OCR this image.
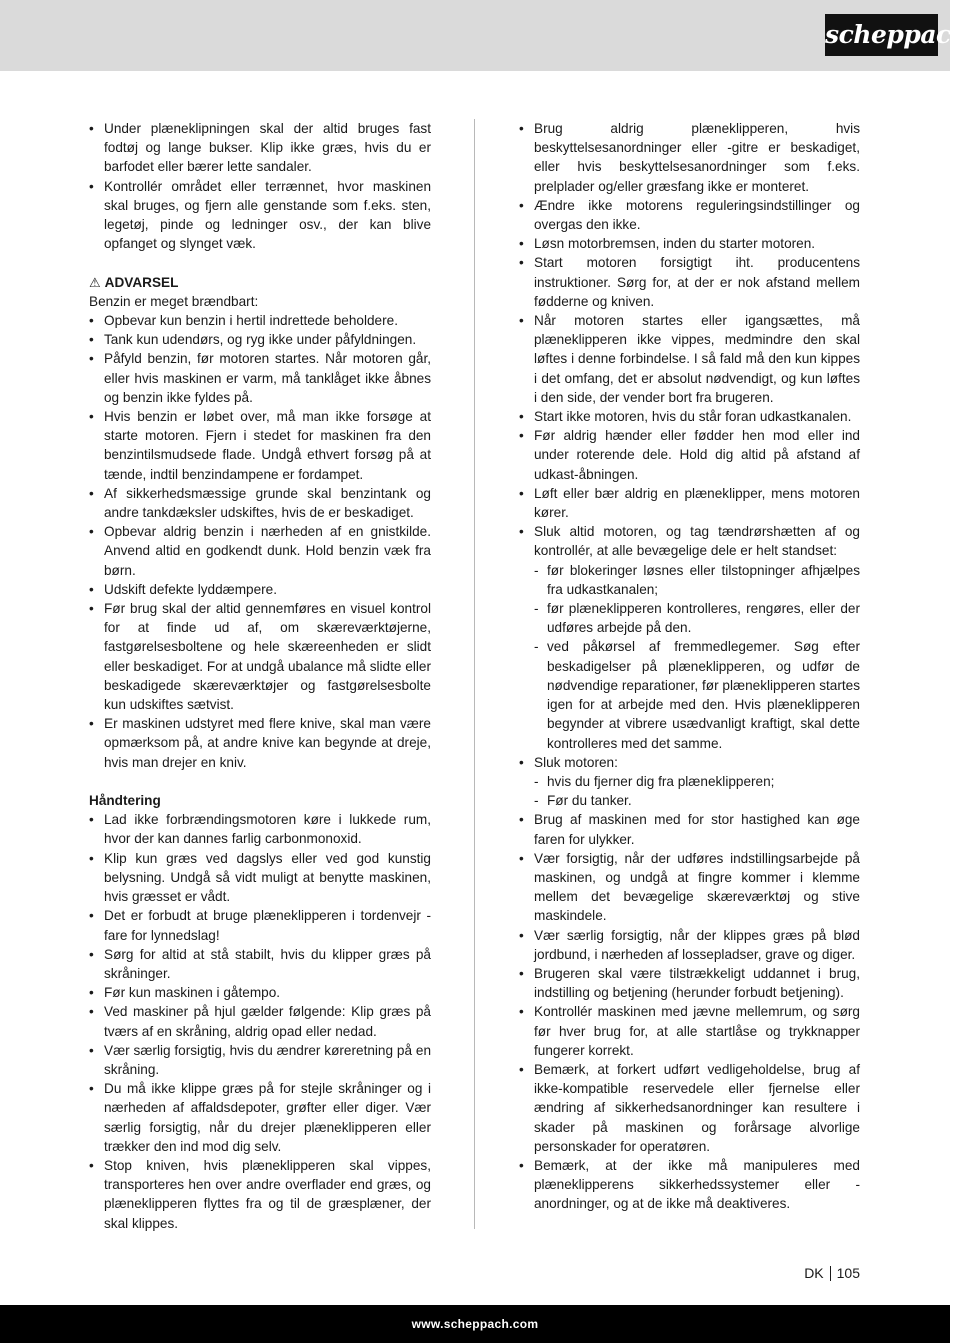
scheppach
• Under plæneklipningen skal der altid bruges fast fodtøj og lange bukser. Klip ikke græs, hvis du er barfodet eller bærer lette sandaler.
• Kontrollér området eller terrænnet, hvor maskinen skal bruges, og fjern alle genstande som f.eks. sten, legetøj, pinde og ledninger osv., der kan blive opfanget og slynget væk.
⚠ ADVARSEL
Benzin er meget brændbart:
• Opbevar kun benzin i hertil indrettede beholdere.
• Tank kun udendørs, og ryg ikke under påfyldningen.
• Påfyld benzin, før motoren startes. Når motoren går, eller hvis maskinen er varm, må tanklåget ikke åbnes og benzin ikke fyldes på.
• Hvis benzin er løbet over, må man ikke forsøge at starte motoren. Fjern i stedet for maskinen fra den benzintilsmudsede flade. Undgå ethvert forsøg på at tænde, indtil benzindampene er fordampet.
• Af sikkerhedsmæssige grunde skal benzintank og andre tankdæksler udskiftes, hvis de er beskadiget.
• Opbevar aldrig benzin i nærheden af en gnistkilde. Anvend altid en godkendt dunk. Hold benzin væk fra børn.
• Udskift defekte lyddæmpere.
• Før brug skal der altid gennemføres en visuel kontrol for at finde ud af, om skæreværktøjerne, fastgørelsesboltene og hele skæreenheden er slidt eller beskadiget. For at undgå ubalance må slidte eller beskadigede skæreværktøjer og fastgørelsesbolte kun udskiftes sætvist.
• Er maskinen udstyret med flere knive, skal man være opmærksom på, at andre knive kan begynde at dreje, hvis man drejer en kniv.
Håndtering
• Lad ikke forbrændingsmotoren køre i lukkede rum, hvor der kan dannes farlig carbonmonoxid.
• Klip kun græs ved dagslys eller ved god kunstig belysning. Undgå så vidt muligt at benytte maskinen, hvis græsset er vådt.
• Det er forbudt at bruge plæneklipperen i tordenvejr - fare for lynnedslag!
• Sørg for altid at stå stabilt, hvis du klipper græs på skråninger.
• Før kun maskinen i gåtempo.
• Ved maskiner på hjul gælder følgende: Klip græs på tværs af en skråning, aldrig opad eller nedad.
• Vær særlig forsigtig, hvis du ændrer køreretning på en skråning.
• Du må ikke klippe græs på for stejle skråninger og i nærheden af affaldsdepoter, grøfter eller diger. Vær særlig forsigtig, når du drejer plæneklipperen eller trækker den ind mod dig selv.
• Stop kniven, hvis plæneklipperen skal vippes, transporteres hen over andre overflader end græs, og plæneklipperen flyttes fra og til de græsplæner, der skal klippes.
• Brug aldrig plæneklipperen, hvis beskyttelsesanordninger eller -gitre er beskadiget, eller hvis beskyttelsesanordninger som f.eks. prelplader og/eller græsfang ikke er monteret.
• Ændre ikke motorens reguleringsindstillinger og overgas den ikke.
• Løsn motorbremsen, inden du starter motoren.
• Start motoren forsigtigt iht. producentens instruktioner. Sørg for, at der er nok afstand mellem fødderne og kniven.
• Når motoren startes eller igangsættes, må plæneklipperen ikke vippes, medmindre den skal løftes i denne forbindelse. I så fald må den kun kippes i det omfang, det er absolut nødvendigt, og kun løftes i den side, der vender bort fra brugeren.
• Start ikke motoren, hvis du står foran udkastkanalen.
• Før aldrig hænder eller fødder hen mod eller ind under roterende dele. Hold dig altid på afstand af udkast-åbningen.
• Løft eller bær aldrig en plæneklipper, mens motoren kører.
• Sluk altid motoren, og tag tændrørshætten af og kontrollér, at alle bevægelige dele er helt standset:
- før blokeringer løsnes eller tilstopninger afhjælpes fra udkastkanalen;
- før plæneklipperen kontrolleres, rengøres, eller der udføres arbejde på den.
- ved påkørsel af fremmedlegemer. Søg efter beskadigelser på plæneklipperen, og udfør de nødvendige reparationer, før plæneklipperen startes igen for at arbejde med den. Hvis plæneklipperen begynder at vibrere usædvanligt kraftigt, skal dette kontrolleres med det samme.
• Sluk motoren:
- hvis du fjerner dig fra plæneklipperen;
- Før du tanker.
• Brug af maskinen med for stor hastighed kan øge faren for ulykker.
• Vær forsigtig, når der udføres indstillingsarbejde på maskinen, og undgå at fingre kommer i klemme mellem det bevægelige skæreværktøj og stive maskindele.
• Vær særlig forsigtig, når der klippes græs på blød jordbund, i nærheden af lossepladser, grave og diger.
• Brugeren skal være tilstrækkeligt uddannet i brug, indstilling og betjening (herunder forbudt betjening).
• Kontrollér maskinen med jævne mellemrum, og sørg før hver brug for, at alle startlåse og trykknapper fungerer korrekt.
• Bemærk, at forkert udført vedligeholdelse, brug af ikke-kompatible reservedele eller fjernelse eller ændring af sikkerhedsanordninger kan resultere i skader på maskinen og forårsage alvorlige personskader for operatøren.
• Bemærk, at der ikke må manipuleres med plæneklipperens sikkerhedssystemer eller -anordninger, og at de ikke må deaktiveres.
DK 105
www.scheppach.com
